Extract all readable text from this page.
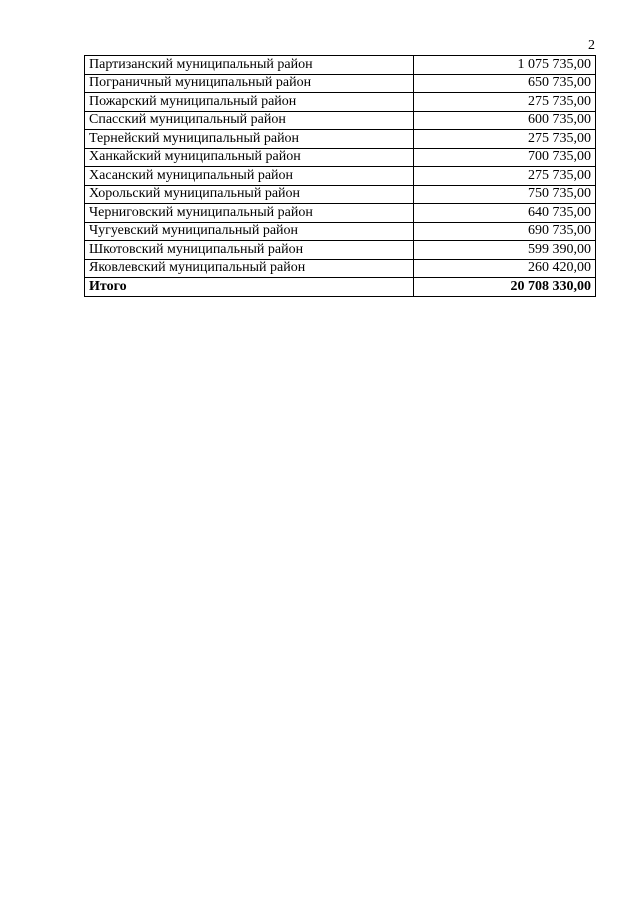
2
Партизанский муниципальный район	1 075 735,00
Пограничный муниципальный район	650 735,00
Пожарский муниципальный район	275 735,00
Спасский муниципальный район	600 735,00
Тернейский муниципальный район	275 735,00
Ханкайский муниципальный район	700 735,00
Хасанский муниципальный район	275 735,00
Хорольский муниципальный район	750 735,00
Черниговский муниципальный район	640 735,00
Чугуевский муниципальный район	690 735,00
Шкотовский муниципальный район	599 390,00
Яковлевский муниципальный район	260 420,00
Итого	20 708 330,00
